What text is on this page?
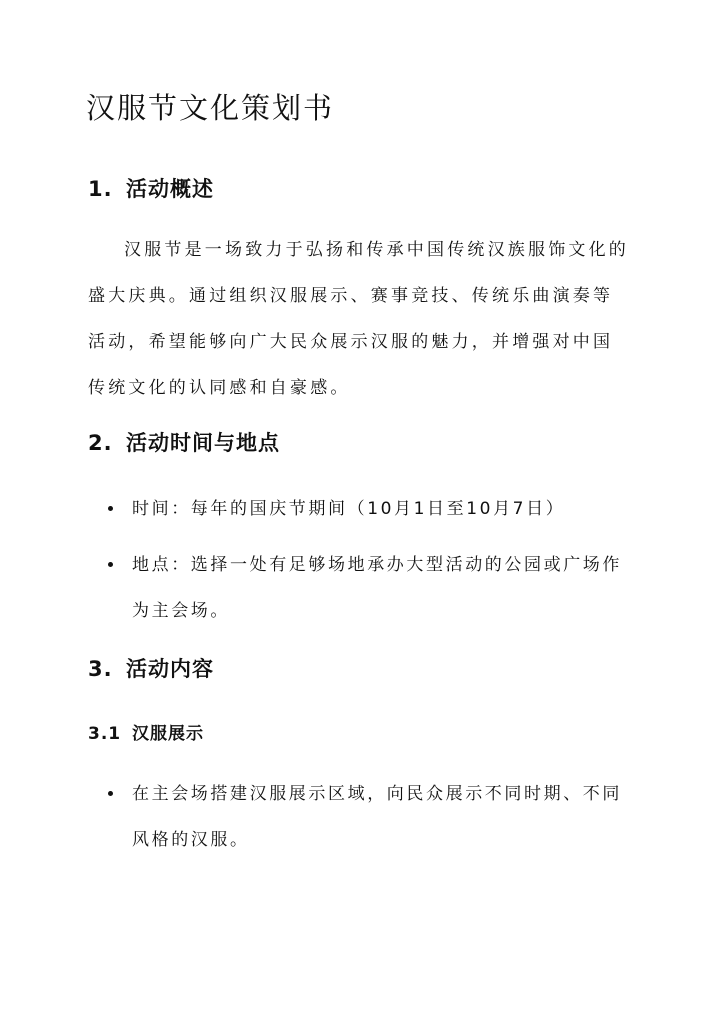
汉服节文化策划书
1. 活动概述

汉服节是一场致力于弘扬和传承中国传统汉族服饰文化的盛大庆典。通过组织汉服展示、赛事竞技、传统乐曲演奏等活动，希望能够向广大民众展示汉服的魅力，并增强对中国传统文化的认同感和自豪感。

2. 活动时间与地点
时间：每年的国庆节期间（10月1日至10月7日）
地点：选择一处有足够场地承办大型活动的公园或广场作为主会场。
3. 活动内容
3.1 汉服展示
在主会场搭建汉服展示区域，向民众展示不同时期、不同风格的汉服。
